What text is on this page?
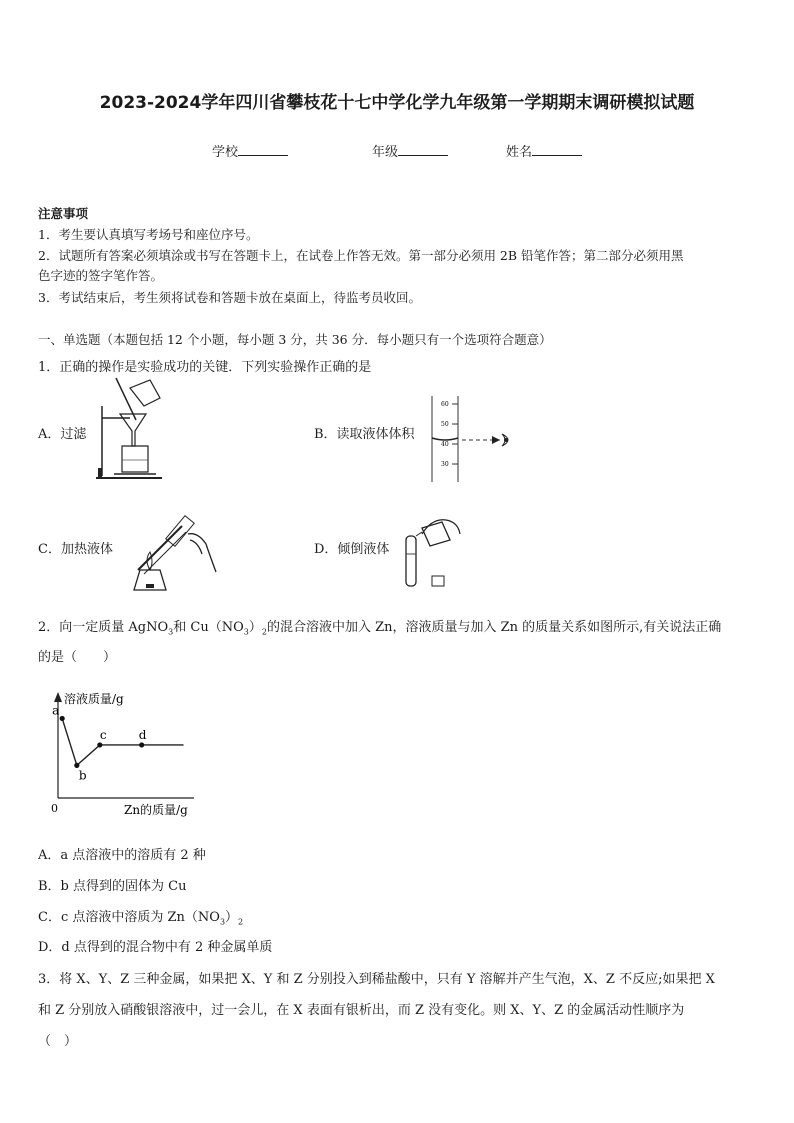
2023-2024学年四川省攀枝花十七中学化学九年级第一学期期末调研模拟试题
学校	年级	姓名
注意事项
1．考生要认真填写考场号和座位序号。
2．试题所有答案必须填涂或书写在答题卡上，在试卷上作答无效。第一部分必须用 2B 铅笔作答；第二部分必须用黑
色字迹的签字笔作答。
3．考试结束后，考生须将试卷和答题卡放在桌面上，待监考员收回。
一、单选题（本题包括 12 个小题，每小题 3 分，共 36 分．每小题只有一个选项符合题意）
1．正确的操作是实验成功的关键．下列实验操作正确的是
A．过滤	B．读取液体体积
60
50
40
30
C．加热液体	D．倾倒液体
2．向一定质量 AgNO$_3$和 $Cu(NO_3)_2$的混合溶液中加入 Zn，溶液质量与加入 Zn 的质量关系如图所示,有关说法正确
的是（　　）
溶液质量/g
0	Zn的质量/g
a
b
c	d
A．a 点溶液中的溶质有 2 种
B．b 点得到的固体为 Cu
C．c 点溶液中溶质为 $Zn(NO_3)_2$
D．d 点得到的混合物中有 2 种金属单质
3．将 X、Y、Z 三种金属，如果把 X、Y 和 Z 分别投入到稀盐酸中，只有 Y 溶解并产生气泡，X、Z 不反应;如果把 X
和 Z 分别放入硝酸银溶液中，过一会儿，在 X 表面有银析出，而 Z 没有变化。则 X、Y、Z 的金属活动性顺序为
（　）
